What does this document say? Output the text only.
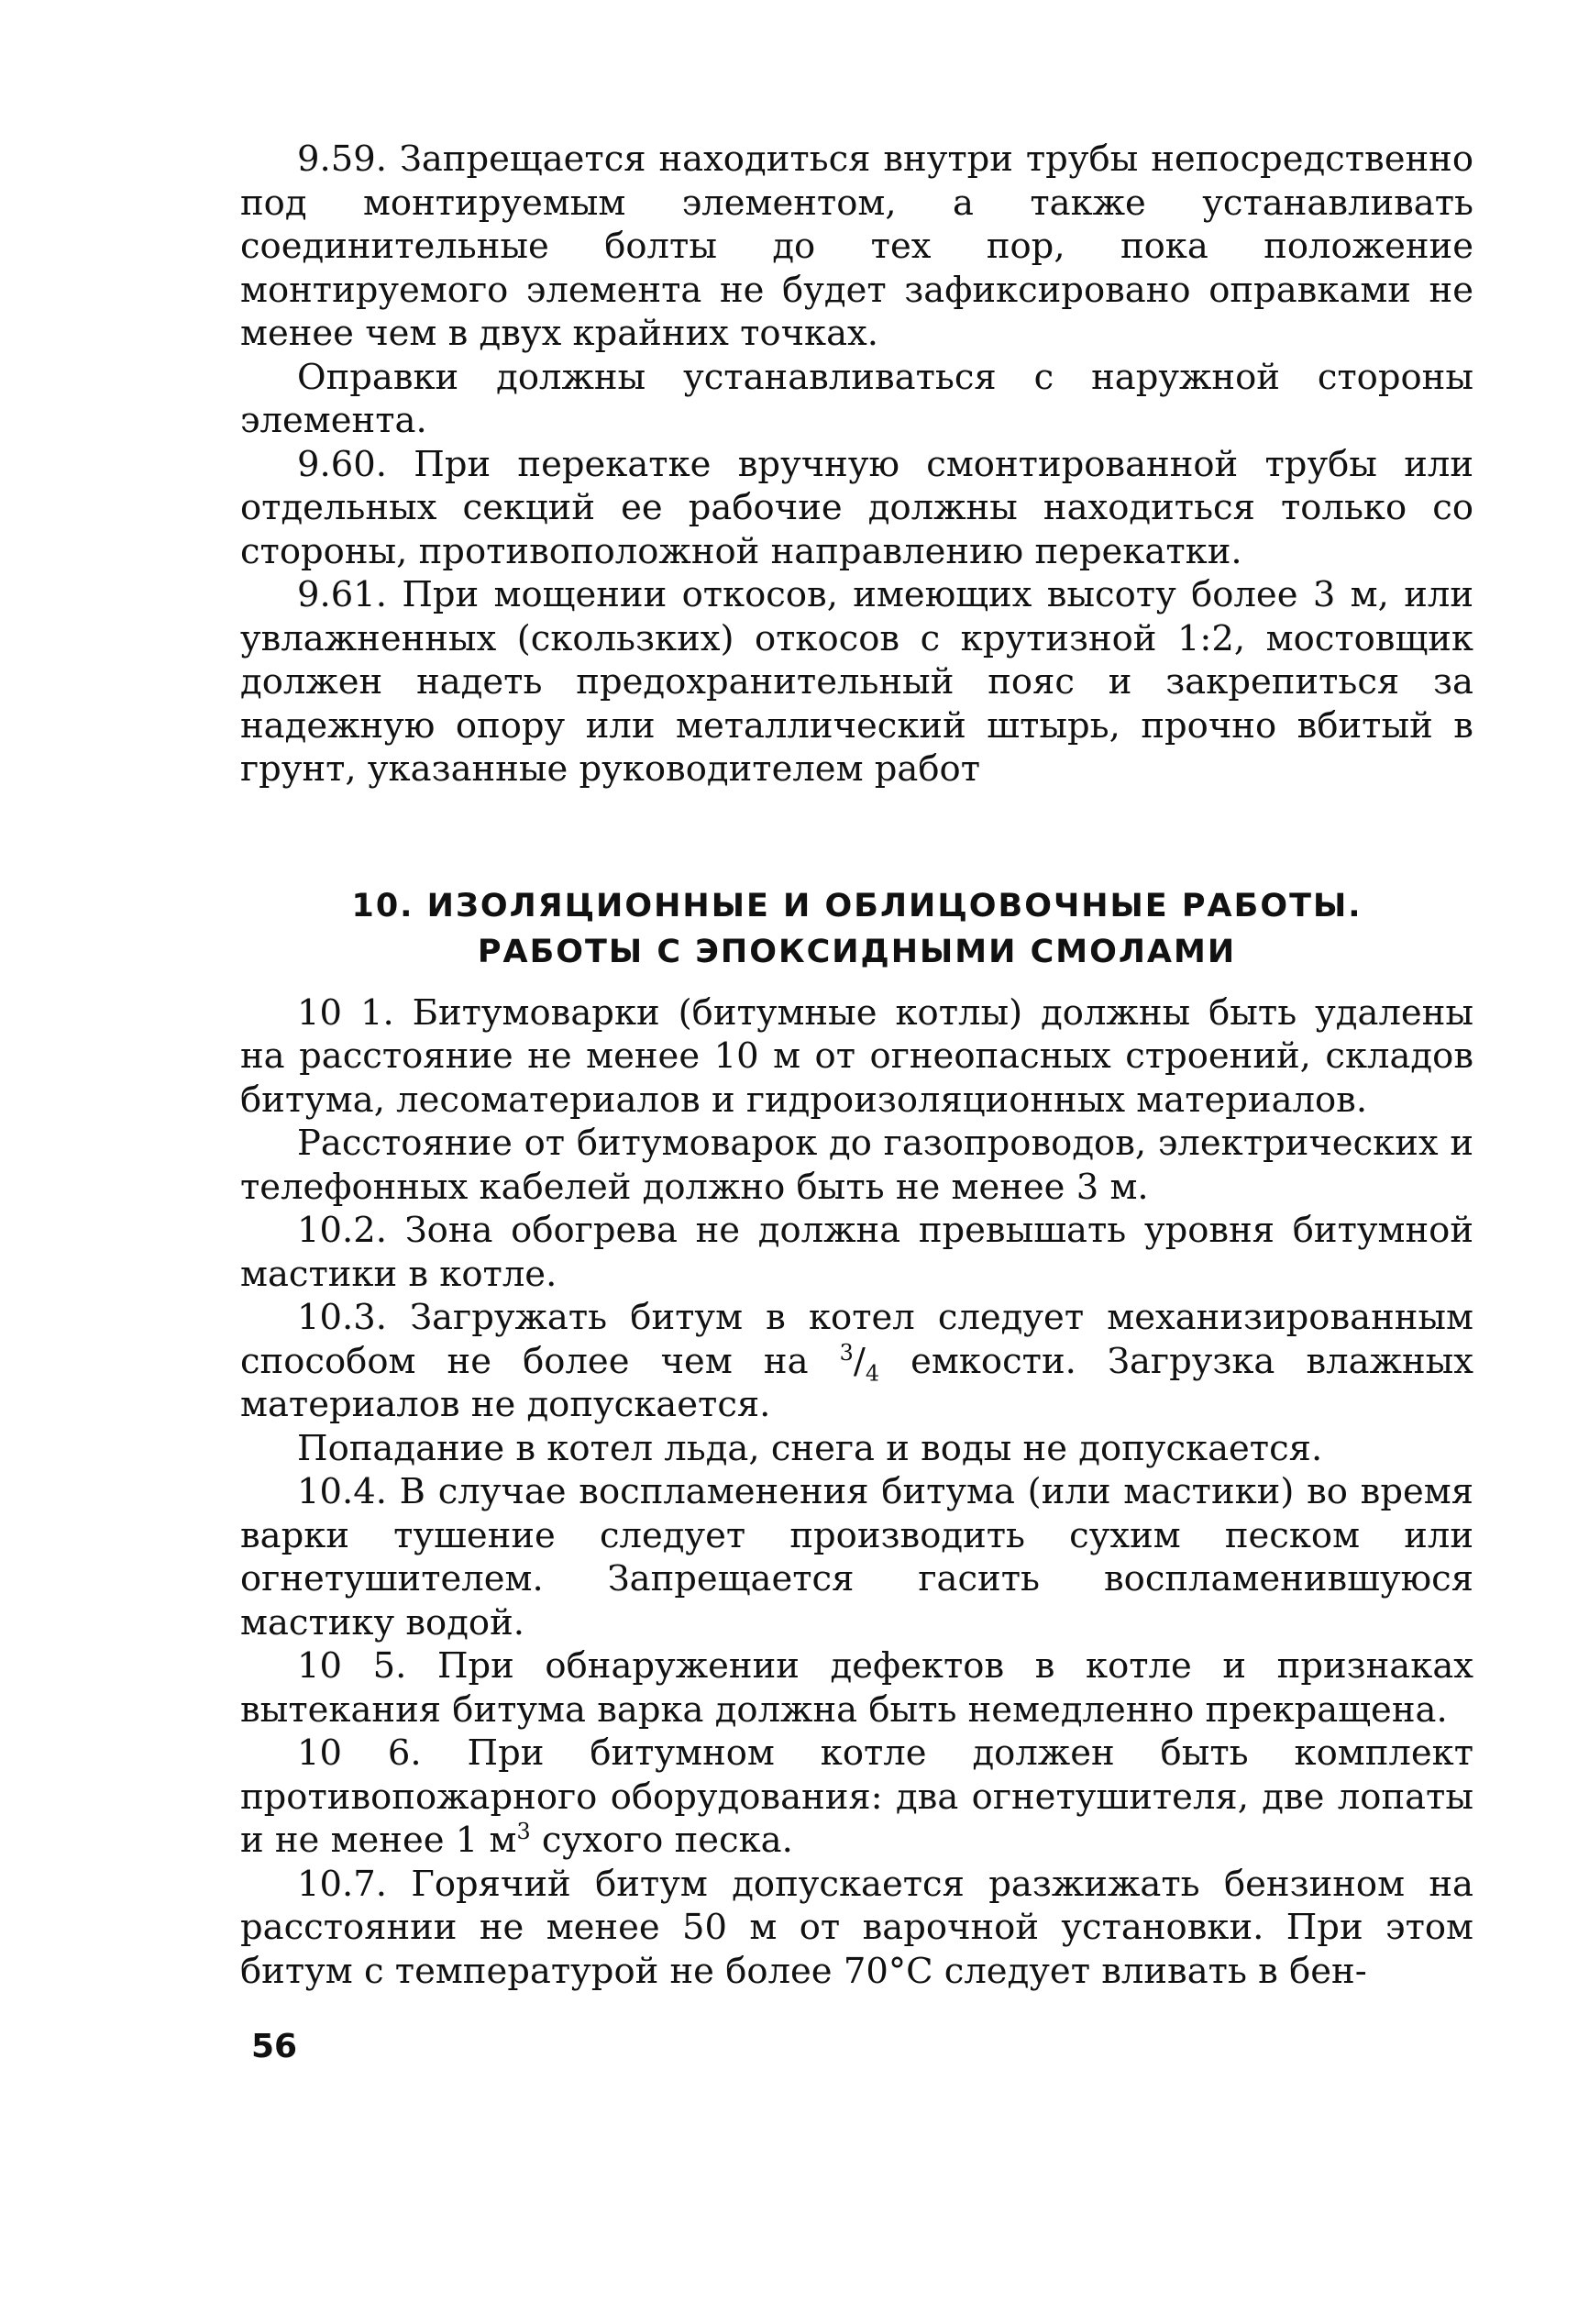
9.59. Запрещается находиться внутри трубы непосредственно под монтируемым элементом, а также устанавливать соединительные болты до тех пор, пока положение монтируемого элемента не будет зафиксировано оправками не менее чем в двух крайних точках.

Оправки должны устанавливаться с наружной стороны элемента.

9.60. При перекатке вручную смонтированной трубы или отдельных секций ее рабочие должны находиться только со стороны, противоположной направлению перекатки.

9.61. При мощении откосов, имеющих высоту более 3 м, или увлажненных (скользких) откосов с крутизной 1:2, мостовщик должен надеть предохранительный пояс и закрепиться за надежную опору или металлический штырь, прочно вбитый в грунт, указанные руководителем работ

10. ИЗОЛЯЦИОННЫЕ И ОБЛИЦОВОЧНЫЕ РАБОТЫ.
РАБОТЫ С ЭПОКСИДНЫМИ СМОЛАМИ

10 1. Битумоварки (битумные котлы) должны быть удалены на расстояние не менее 10 м от огнеопасных строений, складов битума, лесоматериалов и гидроизоляционных материалов.

Расстояние от битумоварок до газопроводов, электрических и телефонных кабелей должно быть не менее 3 м.

10.2. Зона обогрева не должна превышать уровня битумной мастики в котле.

10.3. Загружать битум в котел следует механизированным способом не более чем на $^3/_4$ емкости. Загрузка влажных материалов не допускается.

Попадание в котел льда, снега и воды не допускается.

10.4. В случае воспламенения битума (или мастики) во время варки тушение следует производить сухим песком или огнетушителем. Запрещается гасить воспламенившуюся мастику водой.

10 5. При обнаружении дефектов в котле и признаках вытекания битума варка должна быть немедленно прекращена.

10 6. При битумном котле должен быть комплект противопожарного оборудования: два огнетушителя, две лопаты и не менее 1 $м^3$ сухого песка.

10.7. Горячий битум допускается разжижать бензином на расстоянии не менее 50 м от варочной установки. При этом битум с температурой не более 70°С следует вливать в бен-

56
